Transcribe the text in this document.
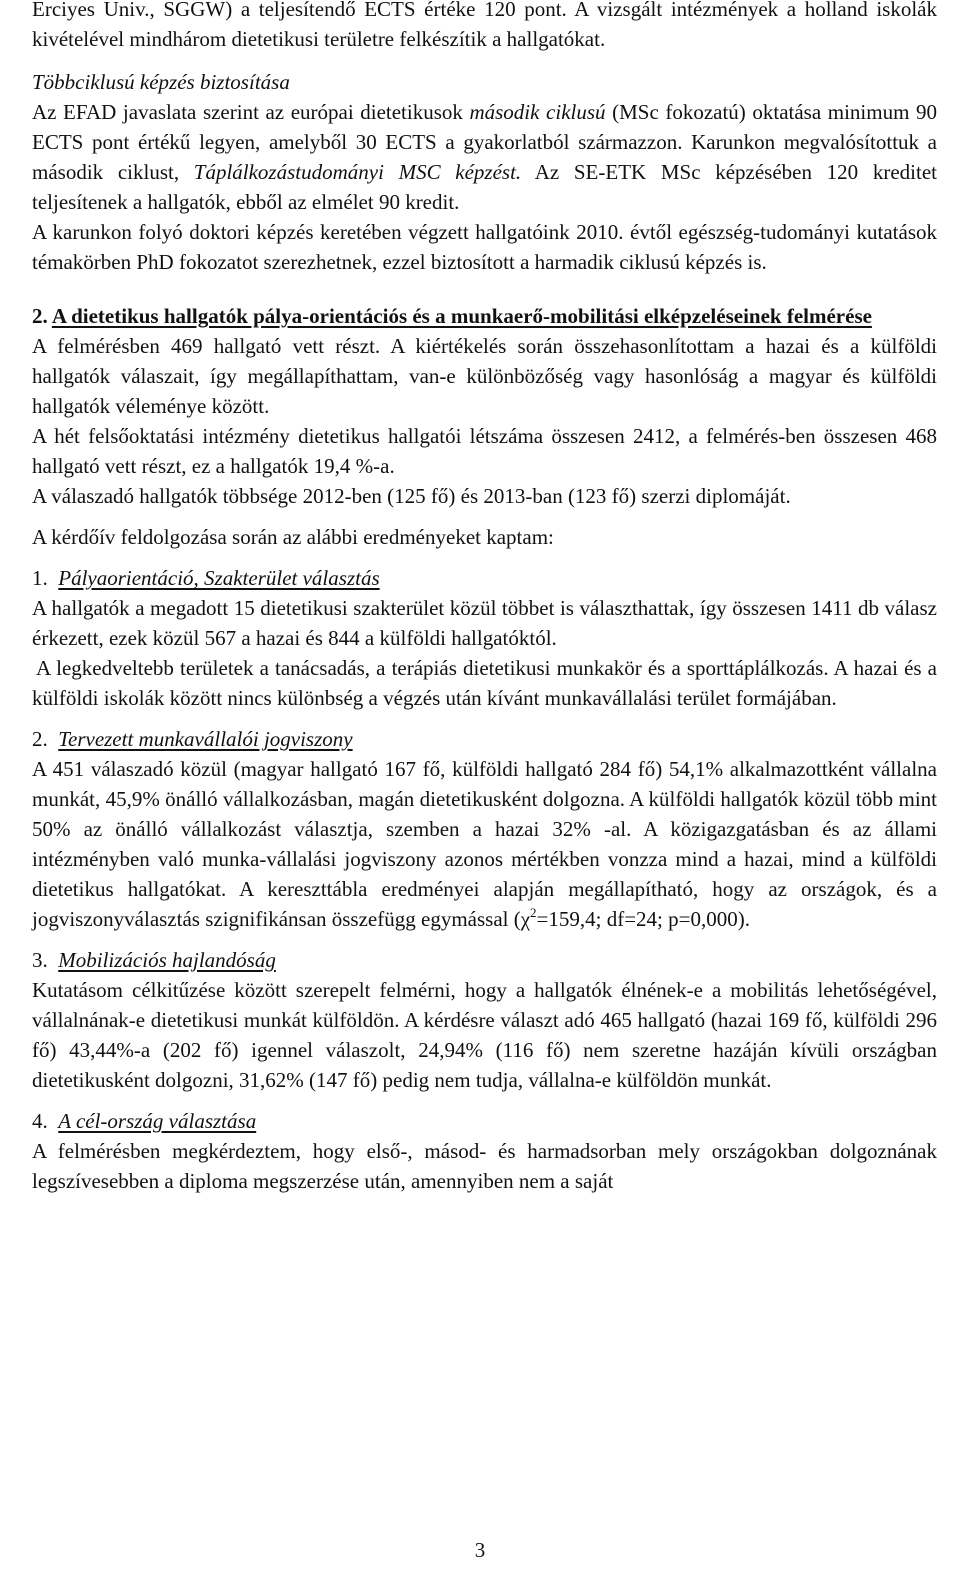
Erciyes Univ., SGGW) a teljesítendő ECTS értéke 120 pont. A vizsgált intézmények a holland iskolák kivételével mindhárom dietetikusi területre felkészítik a hallgatókat.

Többciklusú képzés biztosítása

Az EFAD javaslata szerint az európai dietetikusok második ciklusú (MSc fokozatú) oktatása minimum 90 ECTS pont értékű legyen, amelyből 30 ECTS a gyakorlatból származzon. Karunkon megvalósítottuk a második ciklust, Táplálkozástudományi MSC képzést. Az SE-ETK MSc képzésében 120 kreditet teljesítenek a hallgatók, ebből az elmélet 90 kredit.

A karunkon folyó doktori képzés keretében végzett hallgatóink 2010. évtől egészség-tudományi kutatások témakörben PhD fokozatot szerezhetnek, ezzel biztosított a harmadik ciklusú képzés is.

2. A dietetikus hallgatók pálya-orientációs és a munkaerő-mobilitási elképzeléseinek felmérése

A felmérésben 469 hallgató vett részt. A kiértékelés során összehasonlítottam a hazai és a külföldi hallgatók válaszait, így megállapíthattam, van-e különbözőség vagy hasonlóság a magyar és külföldi hallgatók véleménye között.

A hét felsőoktatási intézmény dietetikus hallgatói létszáma összesen 2412, a felmérés-ben összesen 468 hallgató vett részt, ez a hallgatók 19,4 %-a.

A válaszadó hallgatók többsége 2012-ben (125 fő) és 2013-ban (123 fő) szerzi diplomáját.

A kérdőív feldolgozása során az alábbi eredményeket kaptam:

1. Pályaorientáció, Szakterület választás

A hallgatók a megadott 15 dietetikusi szakterület közül többet is választhattak, így összesen 1411 db válasz érkezett, ezek közül 567 a hazai és 844 a külföldi hallgatóktól.

A legkedveltebb területek a tanácsadás, a terápiás dietetikusi munkakör és a sporttáplálkozás. A hazai és a külföldi iskolák között nincs különbség a végzés után kívánt munkavállalási terület formájában.

2. Tervezett munkavállalói jogviszony

A 451 válaszadó közül (magyar hallgató 167 fő, külföldi hallgató 284 fő) 54,1% alkalmazottként vállalna munkát, 45,9% önálló vállalkozásban, magán dietetikusként dolgozna. A külföldi hallgatók közül több mint 50% az önálló vállalkozást választja, szemben a hazai 32% -al. A közigazgatásban és az állami intézményben való munka-vállalási jogviszony azonos mértékben vonzza mind a hazai, mind a külföldi dietetikus hallgatókat. A kereszttábla eredményei alapján megállapítható, hogy az országok, és a jogviszonyválasztás szignifikánsan összefügg egymással ($\chi^2=159,4$; df=24; p=0,000).

3. Mobilizációs hajlandóság

Kutatásom célkitűzése között szerepelt felmérni, hogy a hallgatók élnének-e a mobilitás lehetőségével, vállalnának-e dietetikusi munkát külföldön. A kérdésre választ adó 465 hallgató (hazai 169 fő, külföldi 296 fő) 43,44%-a (202 fő) igennel válaszolt, 24,94% (116 fő) nem szeretne hazáján kívüli országban dietetikusként dolgozni, 31,62% (147 fő) pedig nem tudja, vállalna-e külföldön munkát.

4. A cél-ország választása

A felmérésben megkérdeztem, hogy első-, másod- és harmadsorban mely országokban dolgoznának legszívesebben a diploma megszerzése után, amennyiben nem a saját

3
